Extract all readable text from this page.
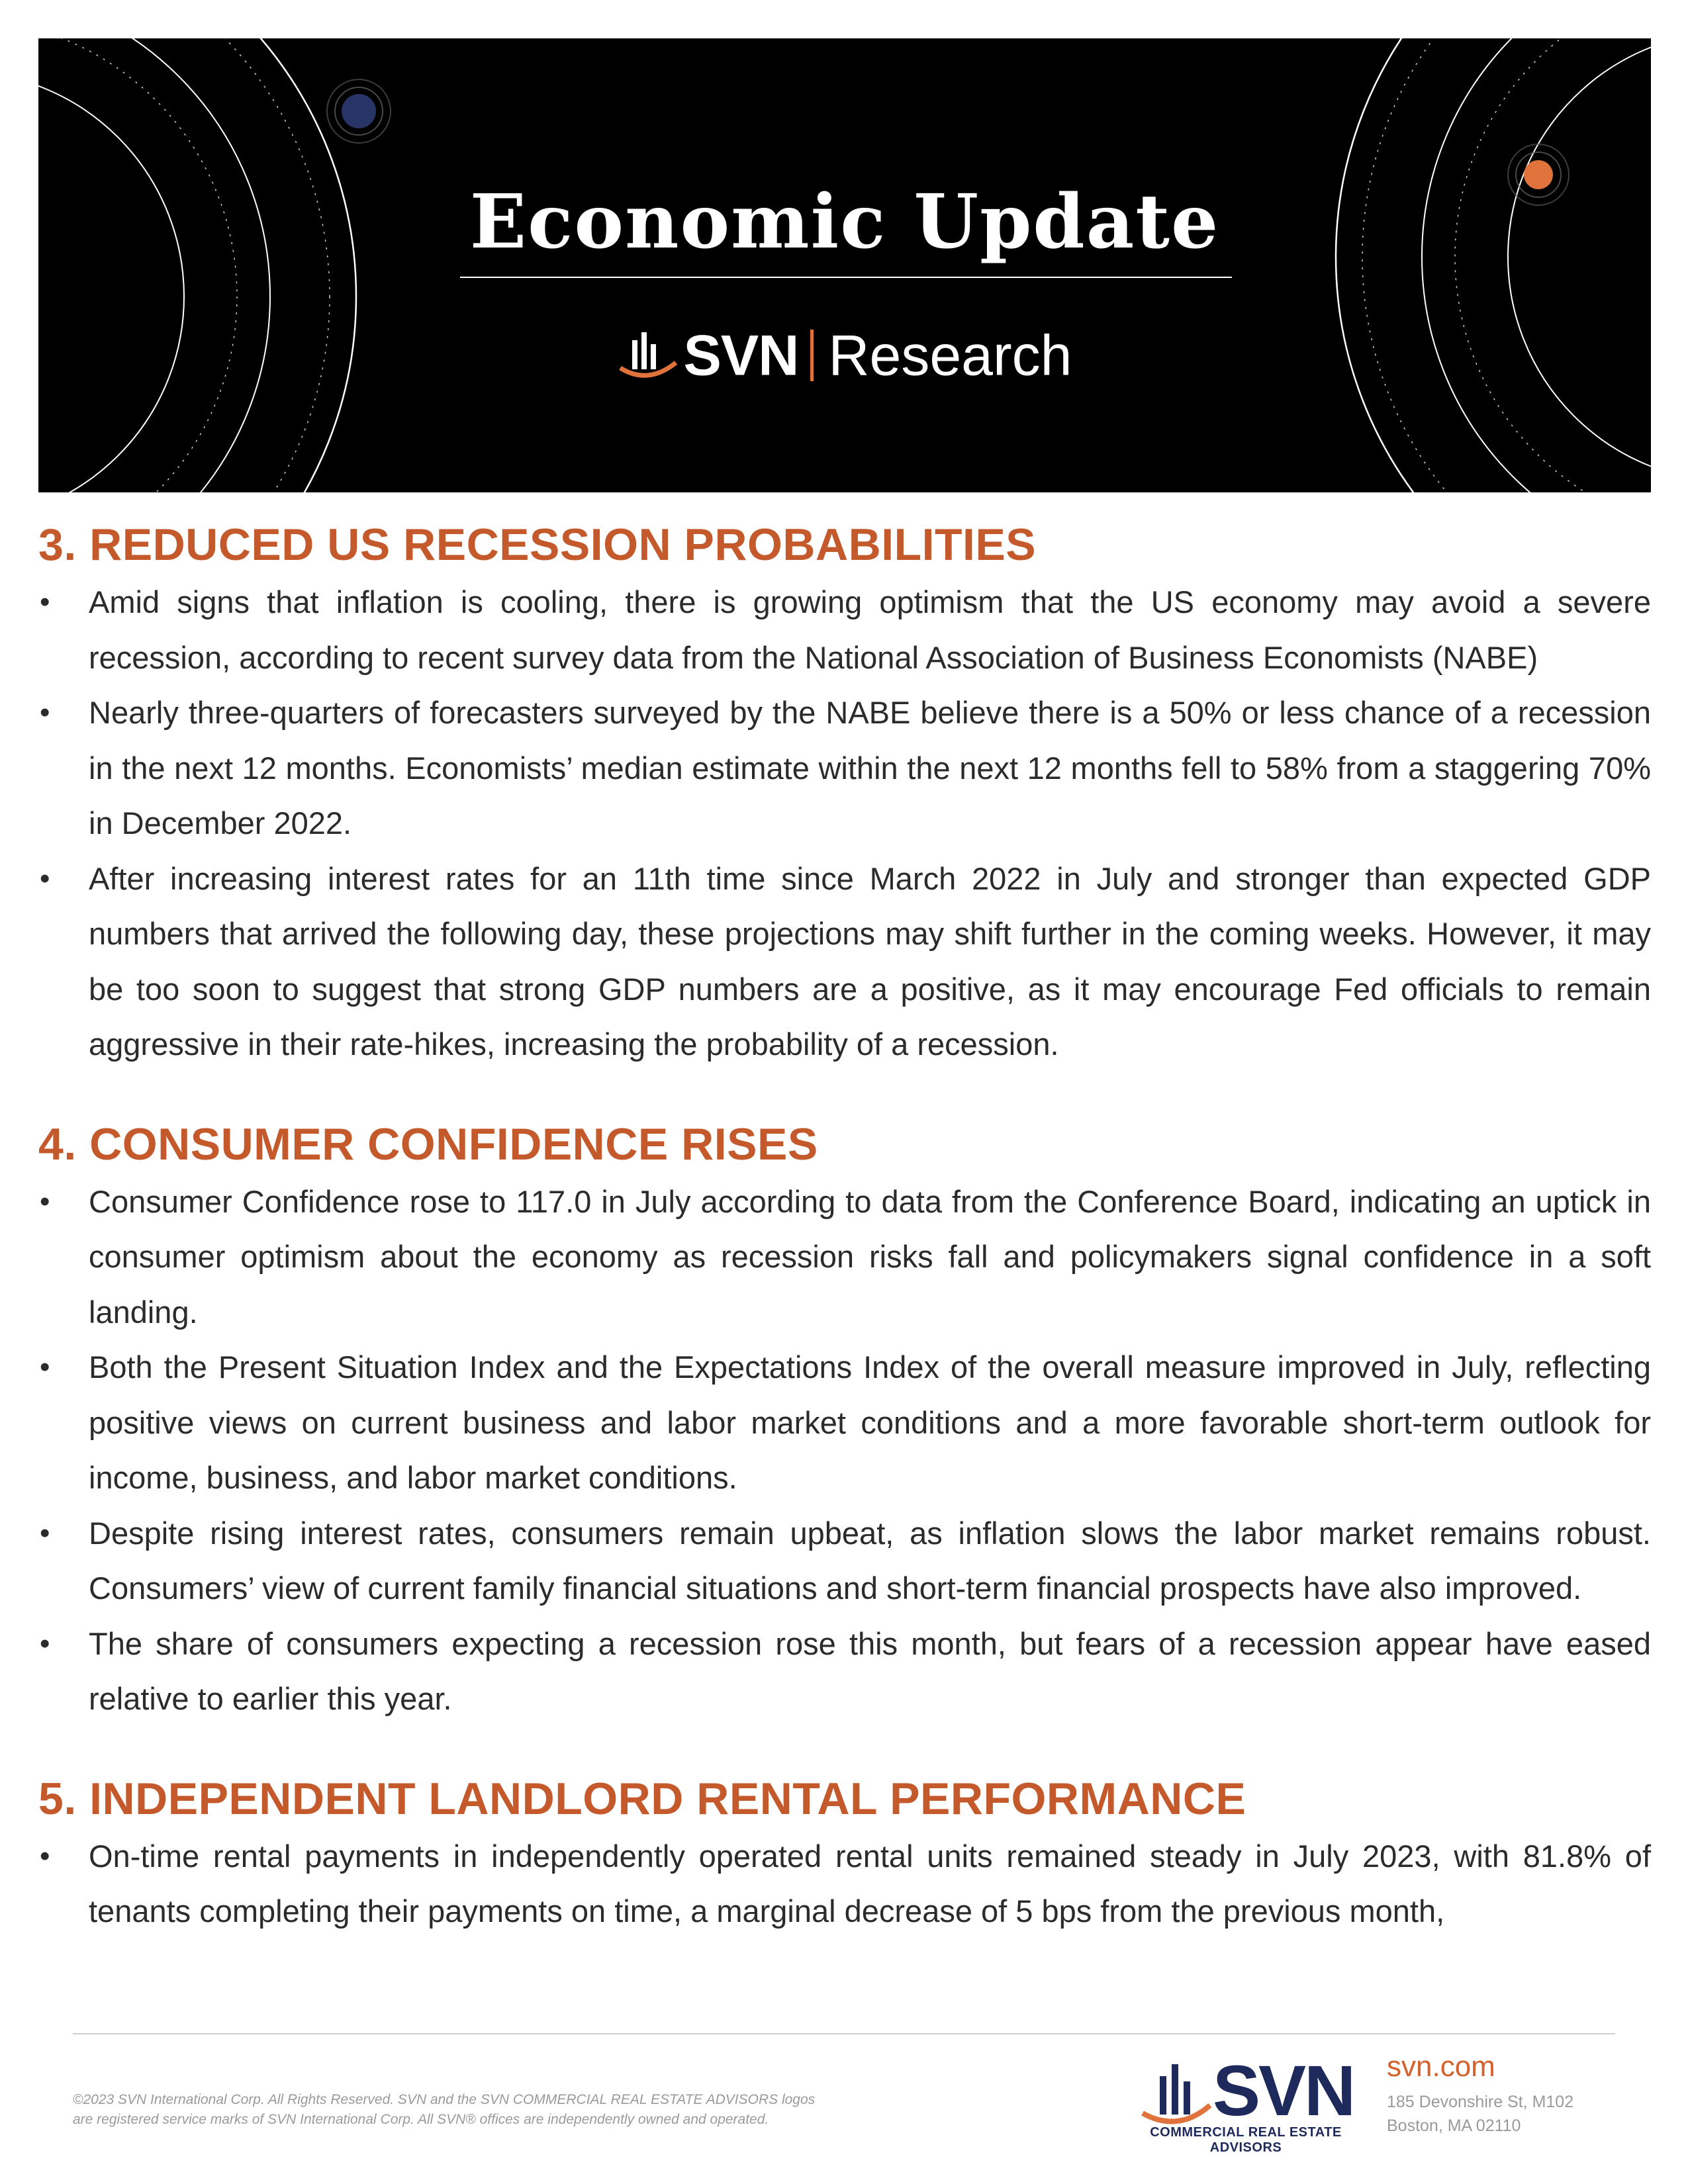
Economic Update
SVN Research
3. REDUCED US RECESSION PROBABILITIES
• Amid signs that inflation is cooling, there is growing optimism that the US economy may avoid a severe recession, according to recent survey data from the National Association of Business Economists (NABE)
• Nearly three-quarters of forecasters surveyed by the NABE believe there is a 50% or less chance of a recession in the next 12 months. Economists’ median estimate within the next 12 months fell to 58% from a staggering 70% in December 2022.
• After increasing interest rates for an 11th time since March 2022 in July and stronger than expected GDP numbers that arrived the following day, these projections may shift further in the coming weeks. However, it may be too soon to suggest that strong GDP numbers are a positive, as it may encourage Fed officials to remain aggressive in their rate-hikes, increasing the probability of a recession.
4. CONSUMER CONFIDENCE RISES
• Consumer Confidence rose to 117.0 in July according to data from the Conference Board, indicating an uptick in consumer optimism about the economy as recession risks fall and policymakers signal confidence in a soft landing.
• Both the Present Situation Index and the Expectations Index of the overall measure improved in July, reflecting positive views on current business and labor market conditions and a more favorable short-term outlook for income, business, and labor market conditions.
• Despite rising interest rates, consumers remain upbeat, as inflation slows the labor market remains robust. Consumers’ view of current family financial situations and short-term financial prospects have also improved.
• The share of consumers expecting a recession rose this month, but fears of a recession appear have eased relative to earlier this year.
5. INDEPENDENT LANDLORD RENTAL PERFORMANCE
• On-time rental payments in independently operated rental units remained steady in July 2023, with 81.8% of tenants completing their payments on time, a marginal decrease of 5 bps from the previous month,
©2023 SVN International Corp. All Rights Reserved. SVN and the SVN COMMERCIAL REAL ESTATE ADVISORS logos
are registered service marks of SVN International Corp. All SVN® offices are independently owned and operated.	SVN
COMMERCIAL REAL ESTATE ADVISORS
svn.com
185 Devonshire St, M102
Boston, MA 02110
